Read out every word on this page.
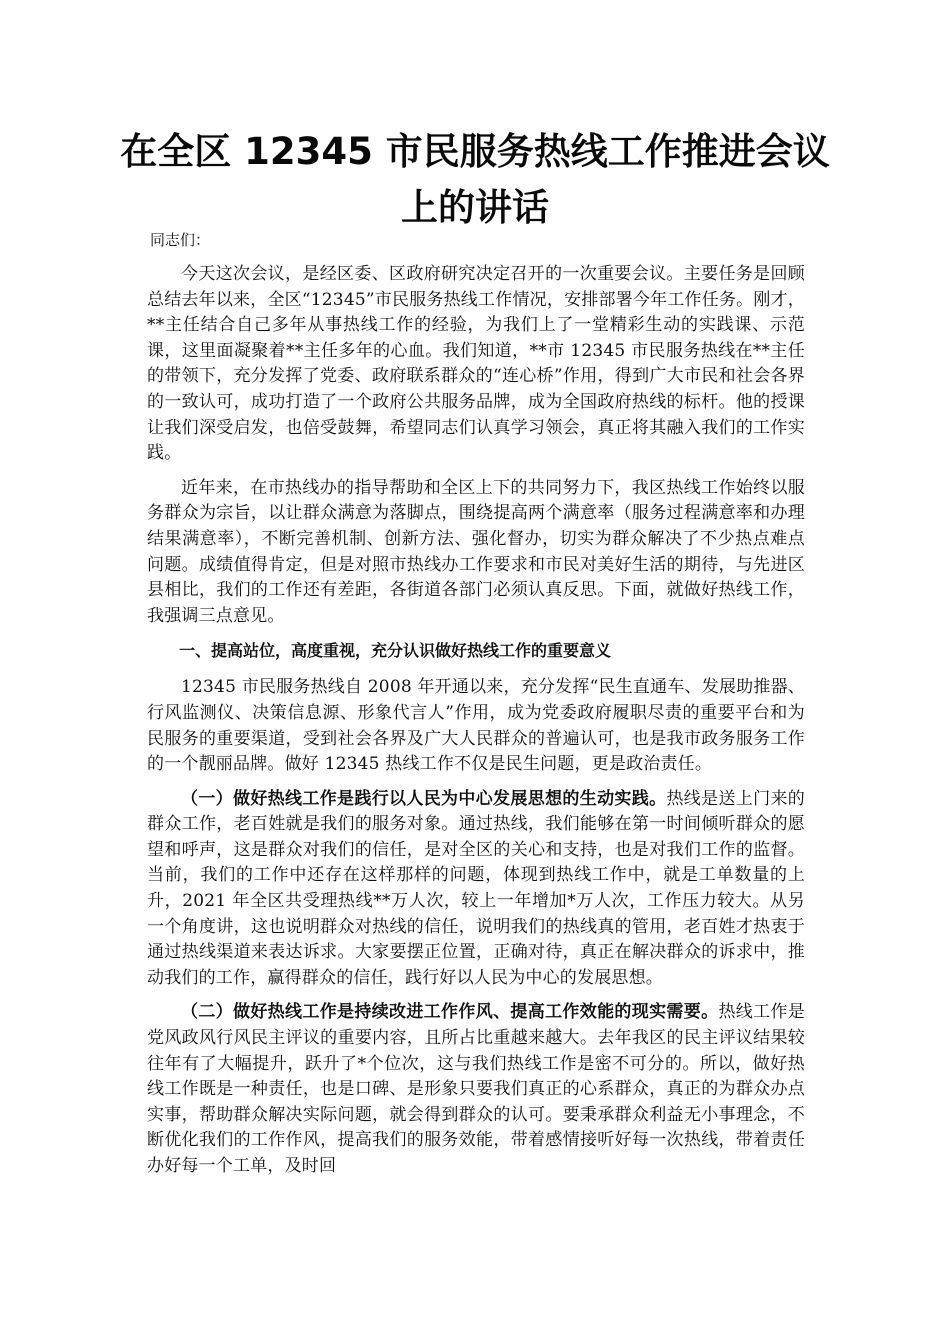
在全区 12345 市民服务热线工作推进会议
上的讲话

同志们：

今天这次会议，是经区委、区政府研究决定召开的一次重要会议。主要任务是回顾总结去年以来，全区“12345”市民服务热线工作情况，安排部署今年工作任务。刚才，**主任结合自己多年从事热线工作的经验，为我们上了一堂精彩生动的实践课、示范课，这里面凝聚着**主任多年的心血。我们知道，**市 12345 市民服务热线在**主任的带领下，充分发挥了党委、政府联系群众的“连心桥”作用，得到广大市民和社会各界的一致认可，成功打造了一个政府公共服务品牌，成为全国政府热线的标杆。他的授课让我们深受启发，也倍受鼓舞，希望同志们认真学习领会，真正将其融入我们的工作实践。

近年来，在市热线办的指导帮助和全区上下的共同努力下，我区热线工作始终以服务群众为宗旨，以让群众满意为落脚点，围绕提高两个满意率（服务过程满意率和办理结果满意率），不断完善机制、创新方法、强化督办，切实为群众解决了不少热点难点问题。成绩值得肯定，但是对照市热线办工作要求和市民对美好生活的期待，与先进区县相比，我们的工作还有差距，各街道各部门必须认真反思。下面，就做好热线工作，我强调三点意见。

一、提高站位，高度重视，充分认识做好热线工作的重要意义

12345 市民服务热线自 2008 年开通以来，充分发挥“民生直通车、发展助推器、行风监测仪、决策信息源、形象代言人”作用，成为党委政府履职尽责的重要平台和为民服务的重要渠道，受到社会各界及广大人民群众的普遍认可，也是我市政务服务工作的一个靓丽品牌。做好 12345 热线工作不仅是民生问题，更是政治责任。

（一）做好热线工作是践行以人民为中心发展思想的生动实践。热线是送上门来的群众工作，老百姓就是我们的服务对象。通过热线，我们能够在第一时间倾听群众的愿望和呼声，这是群众对我们的信任，是对全区的关心和支持，也是对我们工作的监督。当前，我们的工作中还存在这样那样的问题，体现到热线工作中，就是工单数量的上升，2021 年全区共受理热线**万人次，较上一年增加*万人次，工作压力较大。从另一个角度讲，这也说明群众对热线的信任，说明我们的热线真的管用，老百姓才热衷于通过热线渠道来表达诉求。大家要摆正位置，正确对待，真正在解决群众的诉求中，推动我们的工作，赢得群众的信任，践行好以人民为中心的发展思想。

（二）做好热线工作是持续改进工作作风、提高工作效能的现实需要。热线工作是党风政风行风民主评议的重要内容，且所占比重越来越大。去年我区的民主评议结果较往年有了大幅提升，跃升了*个位次，这与我们热线工作是密不可分的。所以，做好热线工作既是一种责任，也是口碑、是形象只要我们真正的心系群众，真正的为群众办点实事，帮助群众解决实际问题，就会得到群众的认可。要秉承群众利益无小事理念，不断优化我们的工作作风，提高我们的服务效能，带着感情接听好每一次热线，带着责任办好每一个工单，及时回
